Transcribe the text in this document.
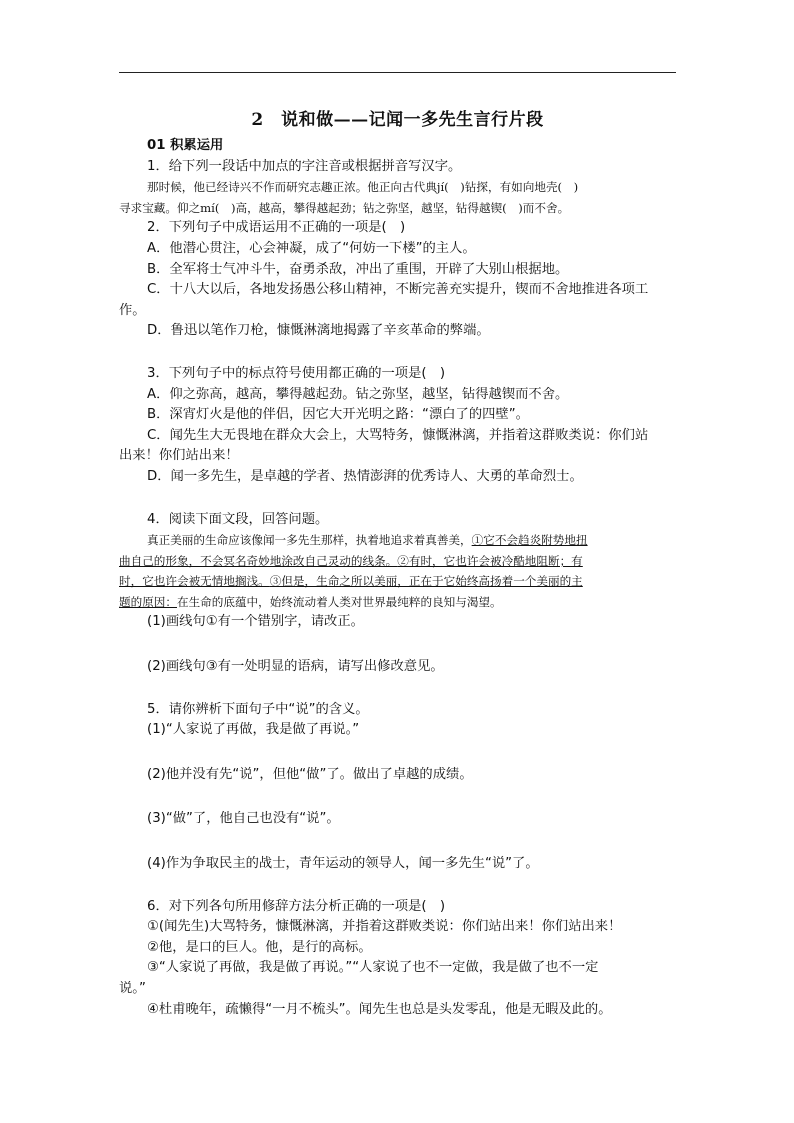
2　说和做——记闻一多先生言行片段
01 积累运用
1．给下列一段话中加点的字注音或根据拼音写汉字。
那时候，他已经诗兴不作而研究志趣正浓。他正向古代典jí(　)钻探，有如向地壳(　)
寻求宝藏。仰之mí(　)高，越高，攀得越起劲；钻之弥坚，越坚，钻得越锲(　)而不舍。
2．下列句子中成语运用不正确的一项是(　)
A．他潜心贯注，心会神凝，成了“何妨一下楼”的主人。
B．全军将士气冲斗牛，奋勇杀敌，冲出了重围，开辟了大别山根据地。
C．十八大以后，各地发扬愚公移山精神，不断完善充实提升，锲而不舍地推进各项工
作。
D．鲁迅以笔作刀枪，慷慨淋漓地揭露了辛亥革命的弊端。
3．下列句子中的标点符号使用都正确的一项是(　)
A．仰之弥高，越高，攀得越起劲。钻之弥坚，越坚，钻得越锲而不舍。
B．深宵灯火是他的伴侣，因它大开光明之路：“漂白了的四壁”。
C．闻先生大无畏地在群众大会上，大骂特务，慷慨淋漓，并指着这群败类说：你们站
出来！你们站出来！
D．闻一多先生，是卓越的学者、热情澎湃的优秀诗人、大勇的革命烈士。
4．阅读下面文段，回答问题。
真正美丽的生命应该像闻一多先生那样，执着地追求着真善美，①它不会趋炎附势地扭
曲自己的形象，不会冥名奇妙地涂改自己灵动的线条。②有时，它也许会被冷酷地阻断；有
时，它也许会被无情地搁浅。③但是，生命之所以美丽，正在于它始终高扬着一个美丽的主
题的原因：在生命的底蕴中，始终流动着人类对世界最纯粹的良知与渴望。
(1)画线句①有一个错别字，请改正。
(2)画线句③有一处明显的语病，请写出修改意见。
5．请你辨析下面句子中“说”的含义。
(1)“人家说了再做，我是做了再说。”
(2)他并没有先“说”，但他“做”了。做出了卓越的成绩。
(3)“做”了，他自己也没有“说”。
(4)作为争取民主的战士，青年运动的领导人，闻一多先生“说”了。
6．对下列各句所用修辞方法分析正确的一项是(　)
①(闻先生)大骂特务，慷慨淋漓，并指着这群败类说：你们站出来！你们站出来！
②他，是口的巨人。他，是行的高标。
③“人家说了再做，我是做了再说。”“人家说了也不一定做，我是做了也不一定
说。”
④杜甫晚年，疏懒得“一月不梳头”。闻先生也总是头发零乱，他是无暇及此的。
